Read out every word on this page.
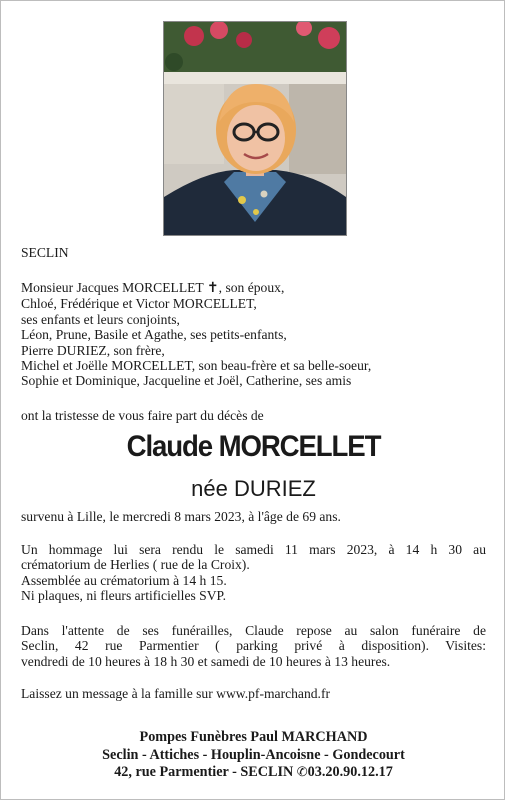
SECLIN

Monsieur Jacques MORCELLET ✝, son époux,

Chloé, Frédérique et Victor MORCELLET,

ses enfants et leurs conjoints,

Léon, Prune, Basile et Agathe, ses petits-enfants,

Pierre DURIEZ, son frère,

Michel et Joëlle MORCELLET, son beau-frère et sa belle-soeur,

Sophie et Dominique, Jacqueline et Joël, Catherine, ses amis

ont la tristesse de vous faire part du décès de

Claude MORCELLET
née DURIEZ

survenu à Lille, le mercredi 8 mars 2023, à l'âge de 69 ans.

Un hommage lui sera rendu le samedi 11 mars 2023, à 14 h 30 au

crématorium de Herlies ( rue de la Croix).

Assemblée au crématorium à 14 h 15.

Ni plaques, ni fleurs artificielles SVP.

Dans l'attente de ses funérailles, Claude repose au salon funéraire de

Seclin, 42 rue Parmentier ( parking privé à disposition). Visites:

vendredi de 10 heures à 18 h 30 et samedi de 10 heures à 13 heures.

Laissez un message à la famille sur www.pf-marchand.fr

Pompes Funèbres Paul MARCHAND

Seclin - Attiches - Houplin-Ancoisne - Gondecourt

42, rue Parmentier - SECLIN ✆03.20.90.12.17
